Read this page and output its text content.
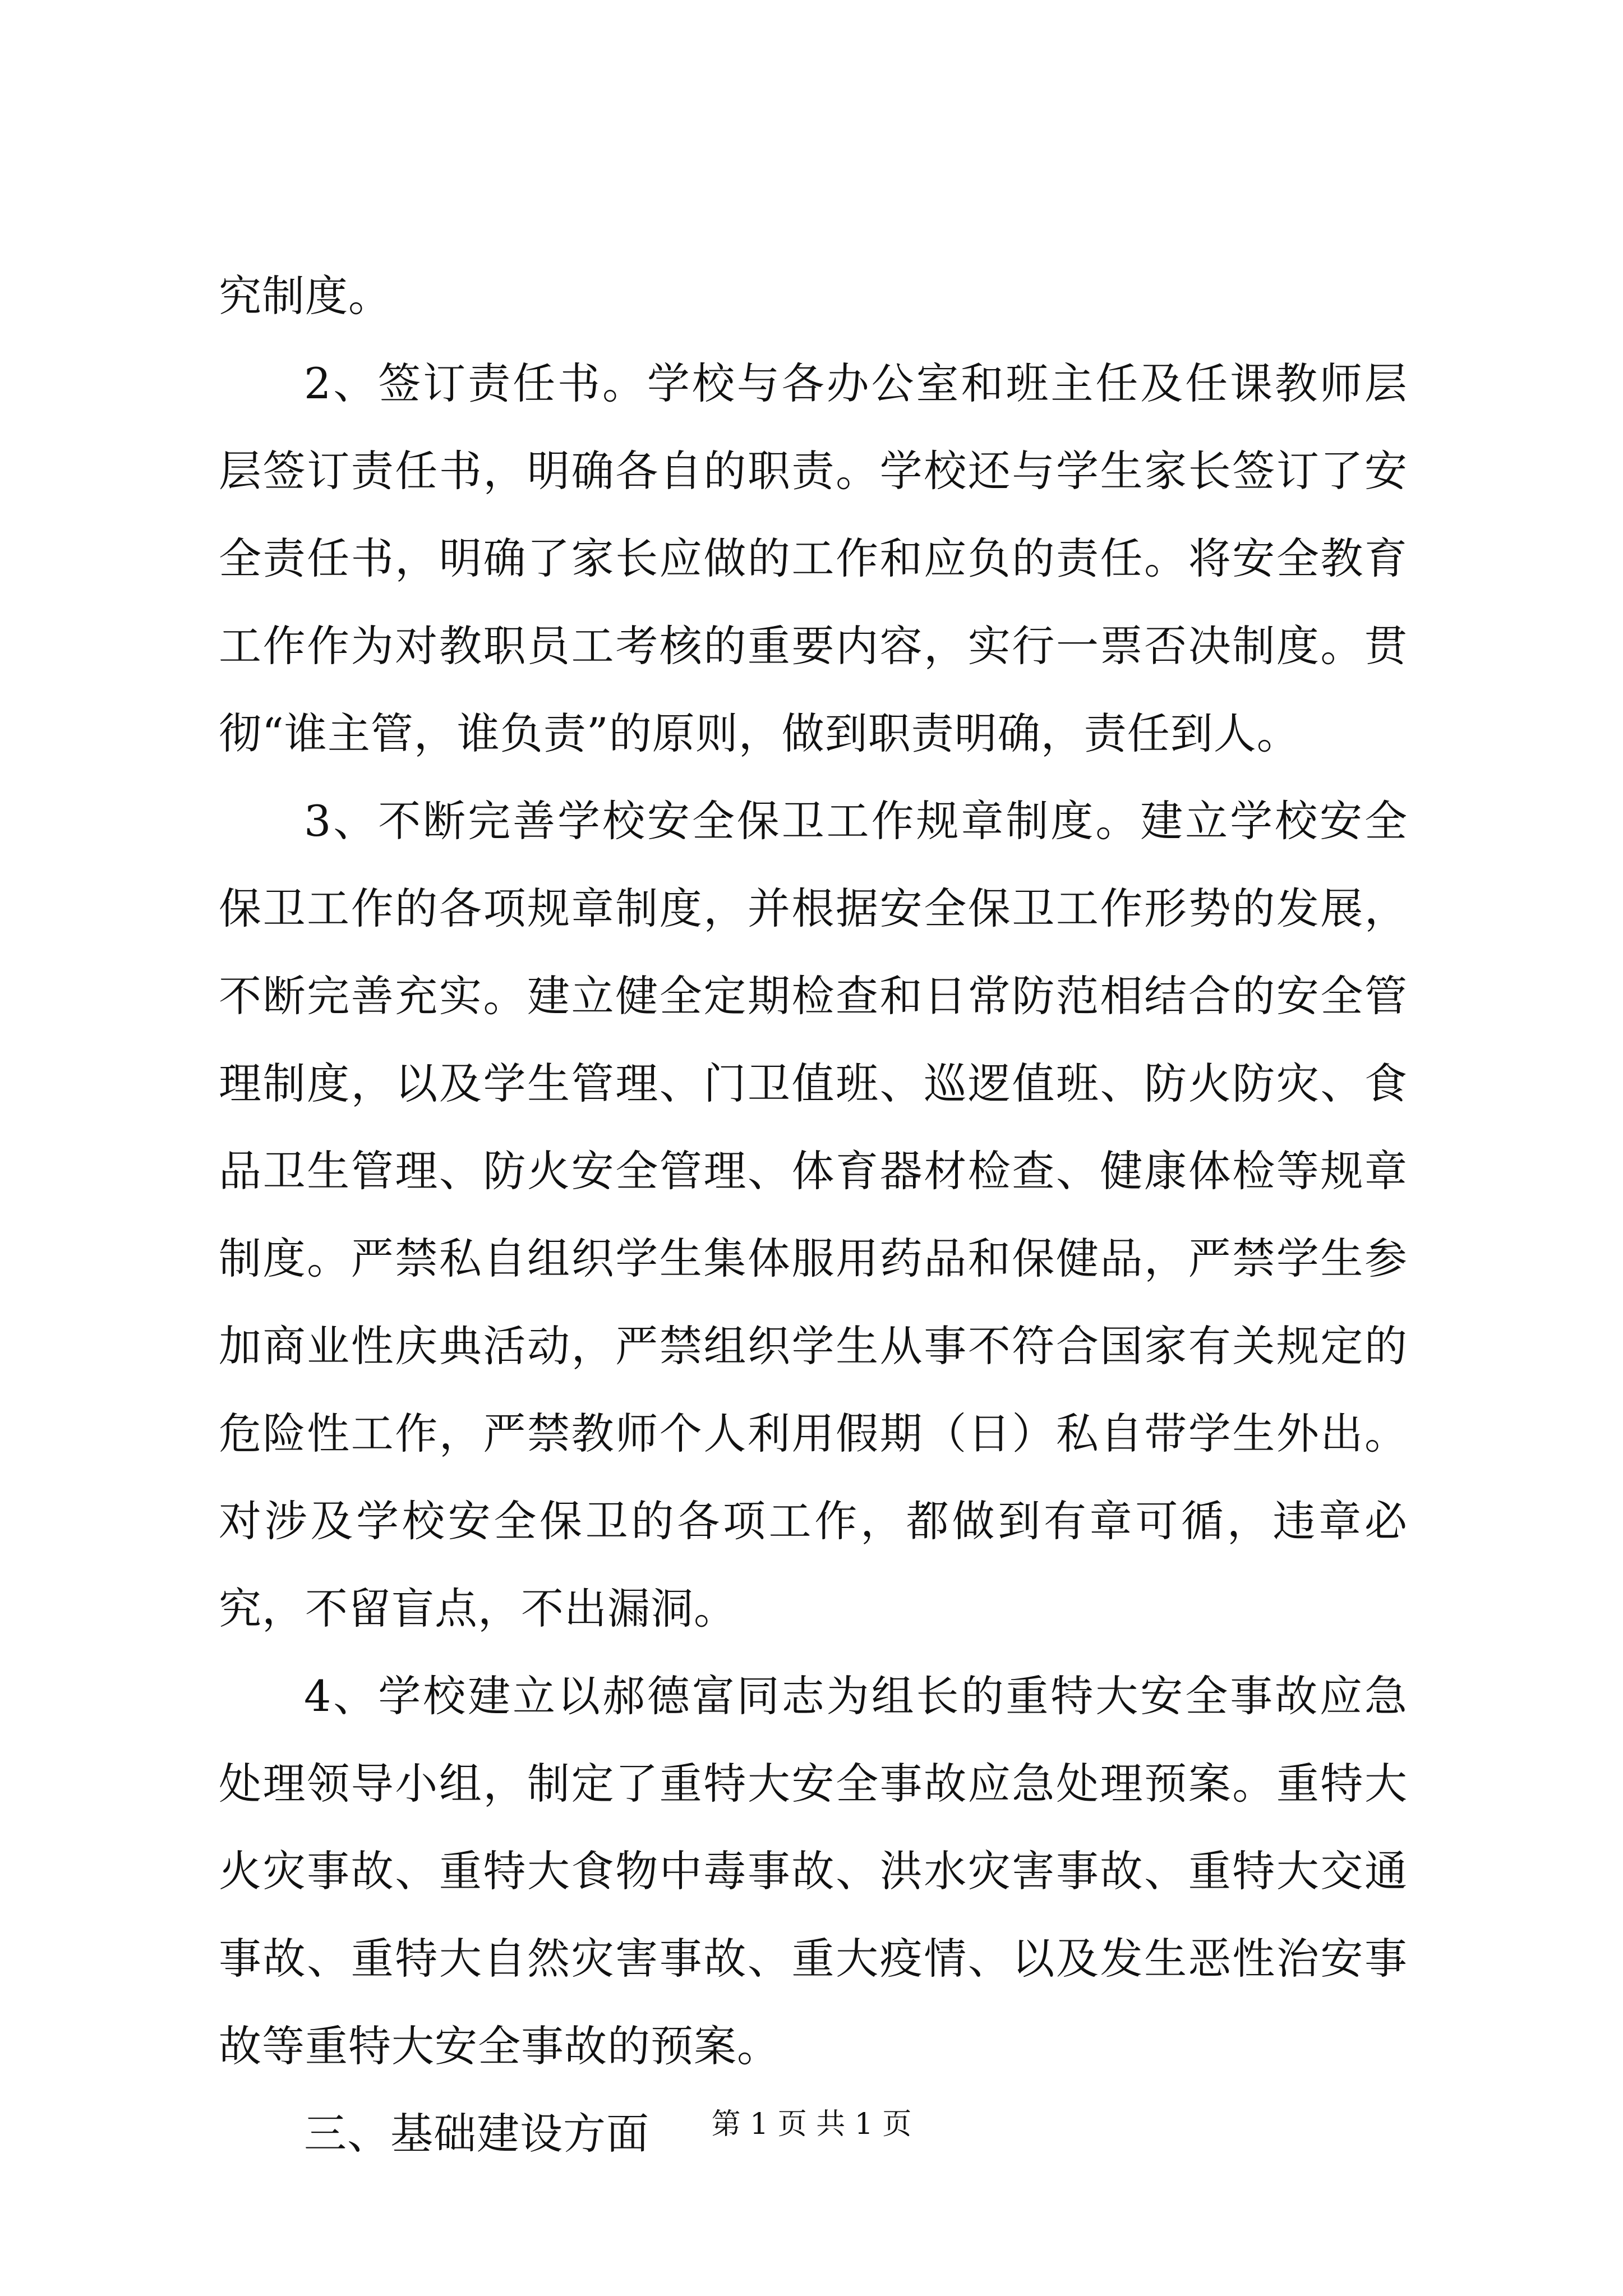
究制度。

2、签订责任书。学校与各办公室和班主任及任课教师层层签订责任书，明确各自的职责。学校还与学生家长签订了安全责任书，明确了家长应做的工作和应负的责任。将安全教育工作作为对教职员工考核的重要内容，实行一票否决制度。贯彻“谁主管，谁负责”的原则，做到职责明确，责任到人。

3、不断完善学校安全保卫工作规章制度。建立学校安全保卫工作的各项规章制度，并根据安全保卫工作形势的发展，不断完善充实。建立健全定期检查和日常防范相结合的安全管理制度，以及学生管理、门卫值班、巡逻值班、防火防灾、食品卫生管理、防火安全管理、体育器材检查、健康体检等规章制度。严禁私自组织学生集体服用药品和保健品，严禁学生参加商业性庆典活动，严禁组织学生从事不符合国家有关规定的危险性工作，严禁教师个人利用假期（日）私自带学生外出。对涉及学校安全保卫的各项工作，都做到有章可循，违章必究，不留盲点，不出漏洞。

4、学校建立以郝德富同志为组长的重特大安全事故应急处理领导小组，制定了重特大安全事故应急处理预案。重特大火灾事故、重特大食物中毒事故、洪水灾害事故、重特大交通事故、重特大自然灾害事故、重大疫情、以及发生恶性治安事故等重特大安全事故的预案。

三、基础建设方面	第 1 页 共 1 页
